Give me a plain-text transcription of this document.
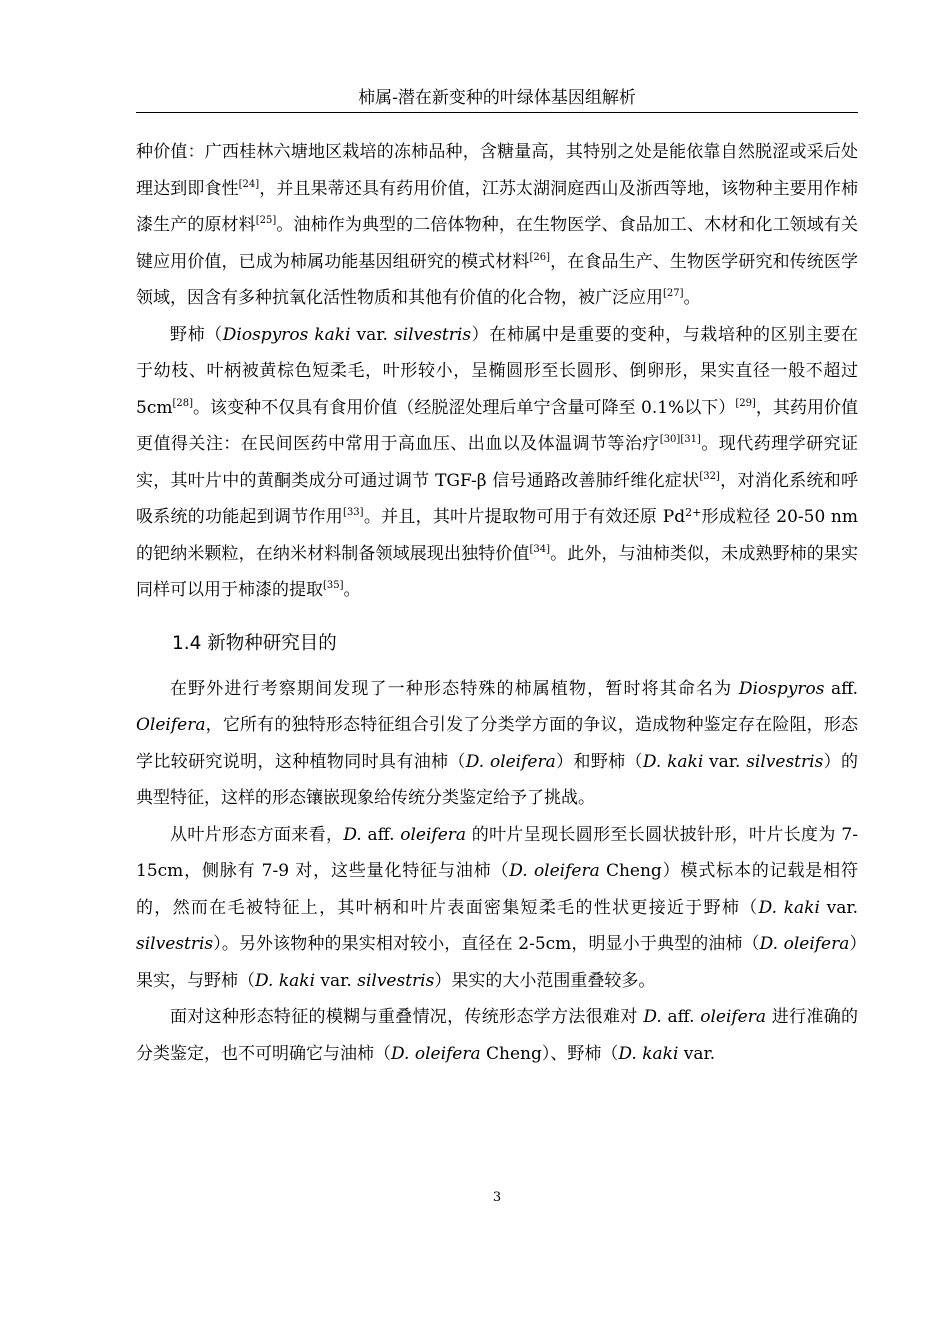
柿属-潜在新变种的叶绿体基因组解析

种价值：广西桂林六塘地区栽培的冻柿品种，含糖量高，其特别之处是能依靠自然脱涩或采后处理达到即食性[24]，并且果蒂还具有药用价值，江苏太湖洞庭西山及浙西等地，该物种主要用作柿漆生产的原材料[25]。油柿作为典型的二倍体物种，在生物医学、食品加工、木材和化工领域有关键应用价值，已成为柿属功能基因组研究的模式材料[26]，在食品生产、生物医学研究和传统医学领域，因含有多种抗氧化活性物质和其他有价值的化合物，被广泛应用[27]。

野柿（Diospyros kaki var. silvestris）在柿属中是重要的变种，与栽培种的区别主要在于幼枝、叶柄被黄棕色短柔毛，叶形较小，呈椭圆形至长圆形、倒卵形，果实直径一般不超过 5cm[28]。该变种不仅具有食用价值（经脱涩处理后单宁含量可降至 0.1%以下）[29]，其药用价值更值得关注：在民间医药中常用于高血压、出血以及体温调节等治疗[30][31]。现代药理学研究证实，其叶片中的黄酮类成分可通过调节 TGF-β 信号通路改善肺纤维化症状[32]，对消化系统和呼吸系统的功能起到调节作用[33]。并且，其叶片提取物可用于有效还原 $Pd^{2+}$形成粒径 20-50 nm 的钯纳米颗粒，在纳米材料制备领域展现出独特价值[34]。此外，与油柿类似，未成熟野柿的果实同样可以用于柿漆的提取[35]。

1.4 新物种研究目的

在野外进行考察期间发现了一种形态特殊的柿属植物，暂时将其命名为 Diospyros aff. Oleifera，它所有的独特形态特征组合引发了分类学方面的争议，造成物种鉴定存在险阻，形态学比较研究说明，这种植物同时具有油柿（D. oleifera）和野柿（D. kaki var. silvestris）的典型特征，这样的形态镶嵌现象给传统分类鉴定给予了挑战。

从叶片形态方面来看，D. aff. oleifera 的叶片呈现长圆形至长圆状披针形，叶片长度为 7-15cm，侧脉有 7-9 对，这些量化特征与油柿（D. oleifera Cheng）模式标本的记载是相符的，然而在毛被特征上，其叶柄和叶片表面密集短柔毛的性状更接近于野柿（D. kaki var. silvestris）。另外该物种的果实相对较小，直径在 2-5cm，明显小于典型的油柿（D. oleifera）果实，与野柿（D. kaki var. silvestris）果实的大小范围重叠较多。

面对这种形态特征的模糊与重叠情况，传统形态学方法很难对 D. aff. oleifera 进行准确的分类鉴定，也不可明确它与油柿（D. oleifera Cheng）、野柿（D. kaki var.

3
